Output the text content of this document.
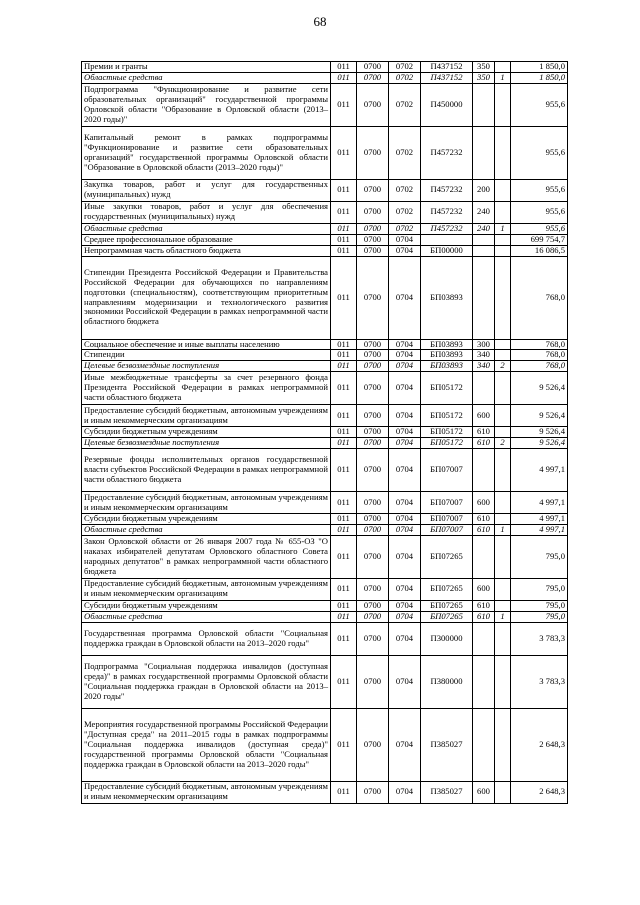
68
Премии и гранты	011	0700	0702	П437152	350		1 850,0
Областные средства	011	0700	0702	П437152	350	1	1 850,0
Подпрограмма "Функционирование и развитие сети образовательных организаций" государственной программы Орловской области "Образование в Орловской области (2013–2020 годы)"	011	0700	0702	П450000			955,6
Капитальный ремонт в рамках подпрограммы "Функционирование и развитие сети образовательных организаций" государственной программы Орловской области "Образование в Орловской области (2013–2020 годы)"	011	0700	0702	П457232			955,6
Закупка товаров, работ и услуг для государственных (муниципальных) нужд	011	0700	0702	П457232	200		955,6
Иные закупки товаров, работ и услуг для обеспечения государственных (муниципальных) нужд	011	0700	0702	П457232	240		955,6
Областные средства	011	0700	0702	П457232	240	1	955,6
Среднее профессиональное образование	011	0700	0704				699 754,7
Непрограммная часть областного бюджета	011	0700	0704	БП00000			16 086,5
Стипендии Президента Российской Федерации и Правительства Российской Федерации для обучающихся по направлениям подготовки (специальностям), соответствующим приоритетным направлениям модернизации и технологического развития экономики Российской Федерации в рамках непрограммной части областного бюджета	011	0700	0704	БП03893			768,0
Социальное обеспечение и иные выплаты населению	011	0700	0704	БП03893	300		768,0
Стипендии	011	0700	0704	БП03893	340		768,0
Целевые безвозмездные поступления	011	0700	0704	БП03893	340	2	768,0
Иные межбюджетные трансферты за счет резервного фонда Президента Российской Федерации в рамках непрограммной части областного бюджета	011	0700	0704	БП05172			9 526,4
Предоставление субсидий бюджетным, автономным учреждениям и иным некоммерческим организациям	011	0700	0704	БП05172	600		9 526,4
Субсидии бюджетным учреждениям	011	0700	0704	БП05172	610		9 526,4
Целевые безвозмездные поступления	011	0700	0704	БП05172	610	2	9 526,4
Резервные фонды исполнительных органов государственной власти субъектов Российской Федерации в рамках непрограммной части областного бюджета	011	0700	0704	БП07007			4 997,1
Предоставление субсидий бюджетным, автономным учреждениям и иным некоммерческим организациям	011	0700	0704	БП07007	600		4 997,1
Субсидии бюджетным учреждениям	011	0700	0704	БП07007	610		4 997,1
Областные средства	011	0700	0704	БП07007	610	1	4 997,1
Закон Орловской области от 26 января 2007 года № 655-ОЗ "О наказах избирателей депутатам Орловского областного Совета народных депутатов" в рамках непрограммной части областного бюджета	011	0700	0704	БП07265			795,0
Предоставление субсидий бюджетным, автономным учреждениям и иным некоммерческим организациям	011	0700	0704	БП07265	600		795,0
Субсидии бюджетным учреждениям	011	0700	0704	БП07265	610		795,0
Областные средства	011	0700	0704	БП07265	610	1	795,0
Государственная программа Орловской области "Социальная поддержка граждан в Орловской области на 2013–2020 годы"	011	0700	0704	П300000			3 783,3
Подпрограмма "Социальная поддержка инвалидов (доступная среда)" в рамках государственной программы Орловской области "Социальная поддержка граждан в Орловской области на 2013–2020 годы"	011	0700	0704	П380000			3 783,3
Мероприятия государственной программы Российской Федерации "Доступная среда" на 2011–2015 годы в рамках подпрограммы "Социальная поддержка инвалидов (доступная среда)" государственной программы Орловской области "Социальная поддержка граждан в Орловской области на 2013–2020 годы"	011	0700	0704	П385027			2 648,3
Предоставление субсидий бюджетным, автономным учреждениям и иным некоммерческим организациям	011	0700	0704	П385027	600		2 648,3
